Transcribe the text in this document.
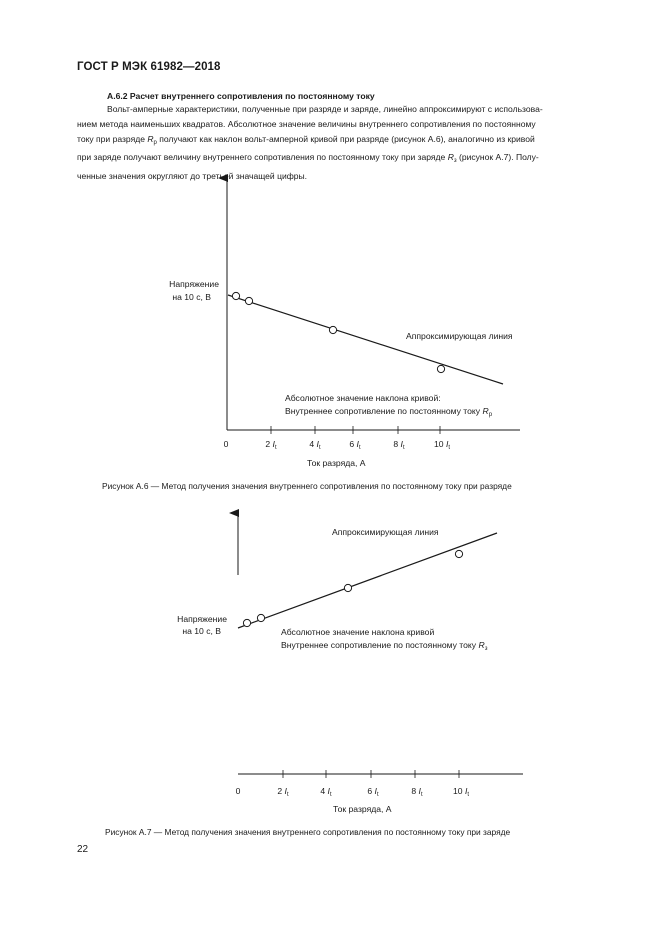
ГОСТ Р МЭК 61982—2018
А.6.2 Расчет внутреннего сопротивления по постоянному току
Вольт-амперные характеристики, полученные при разряде и заряде, линейно аппроксимируют с использова-
нием метода наименьших квадратов. Абсолютное значение величины внутреннего сопротивления по постоянному
току при разряде $R_р$ получают как наклон вольт-амперной кривой при разряде (рисунок А.6), аналогично из кривой
при заряде получают величину внутреннего сопротивления по постоянному току при заряде $R_з$ (рисунок А.7). Полу-
ченные значения округляют до третьей значащей цифры.
Напряжение
на 10 с, В
0	2 $I_t$	4 $I_t$	6 $I_t$	8 $I_t$	10 $I_t$
Ток разряда, А
Аппроксимирующая линия
Абсолютное значение наклона кривой:
Внутреннее сопротивление по постоянному току $R_р$
Напряжение
на 10 с, В
0	2 $I_t$	4 $I_t$	6 $I_t$	8 $I_t$	10 $I_t$
Ток разряда, А
Аппроксимирующая линия
Абсолютное значение наклона кривой
Внутреннее сопротивление по постоянному току $R_з$
Рисунок А.6 — Метод получения значения внутреннего сопротивления по постоянному току при разряде
Рисунок А.7 — Метод получения значения внутреннего сопротивления по постоянному току при заряде
22
